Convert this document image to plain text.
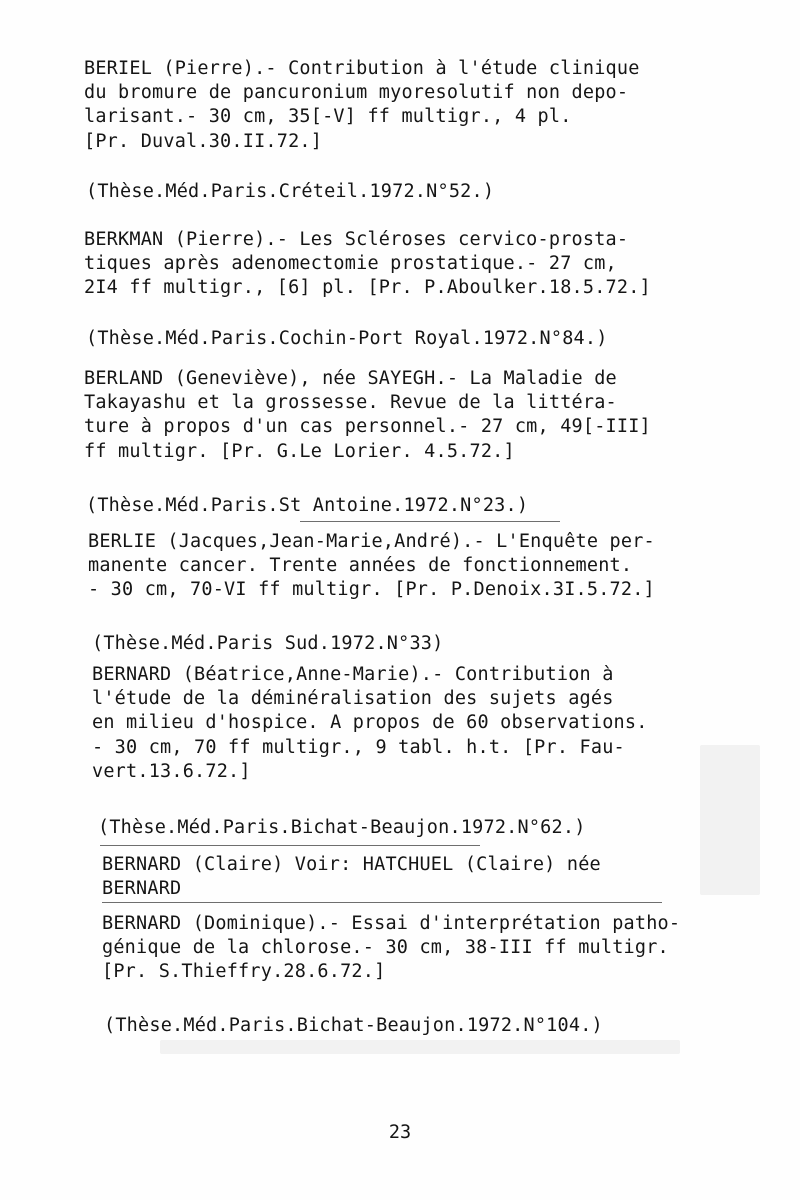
BERIEL (Pierre).- Contribution à l'étude clinique
du bromure de pancuronium myoresolutif non depo-
larisant.- 30 cm, 35[-V] ff multigr., 4 pl.
[Pr. Duval.30.II.72.]
(Thèse.Méd.Paris.Créteil.1972.N°52.)
BERKMAN (Pierre).- Les Scléroses cervico-prosta-
tiques après adenomectomie prostatique.- 27 cm,
2I4 ff multigr., [6] pl. [Pr. P.Aboulker.18.5.72.]
(Thèse.Méd.Paris.Cochin-Port Royal.1972.N°84.)
BERLAND (Geneviève), née SAYEGH.- La Maladie de
Takayashu et la grossesse. Revue de la littéra-
ture à propos d'un cas personnel.- 27 cm, 49[-III]
ff multigr. [Pr. G.Le Lorier. 4.5.72.]
(Thèse.Méd.Paris.St Antoine.1972.N°23.)
BERLIE (Jacques,Jean-Marie,André).- L'Enquête per-
manente cancer. Trente années de fonctionnement.
- 30 cm, 70-VI ff multigr. [Pr. P.Denoix.3I.5.72.]
(Thèse.Méd.Paris Sud.1972.N°33)
BERNARD (Béatrice,Anne-Marie).- Contribution à
l'étude de la déminéralisation des sujets agés
en milieu d'hospice. A propos de 60 observations.
- 30 cm, 70 ff multigr., 9 tabl. h.t. [Pr. Fau-
vert.13.6.72.]
(Thèse.Méd.Paris.Bichat-Beaujon.1972.N°62.)
BERNARD (Claire) Voir: HATCHUEL (Claire) née
BERNARD
BERNARD (Dominique).- Essai d'interprétation patho-
génique de la chlorose.- 30 cm, 38-III ff multigr.
[Pr. S.Thieffry.28.6.72.]
(Thèse.Méd.Paris.Bichat-Beaujon.1972.N°104.)
23
